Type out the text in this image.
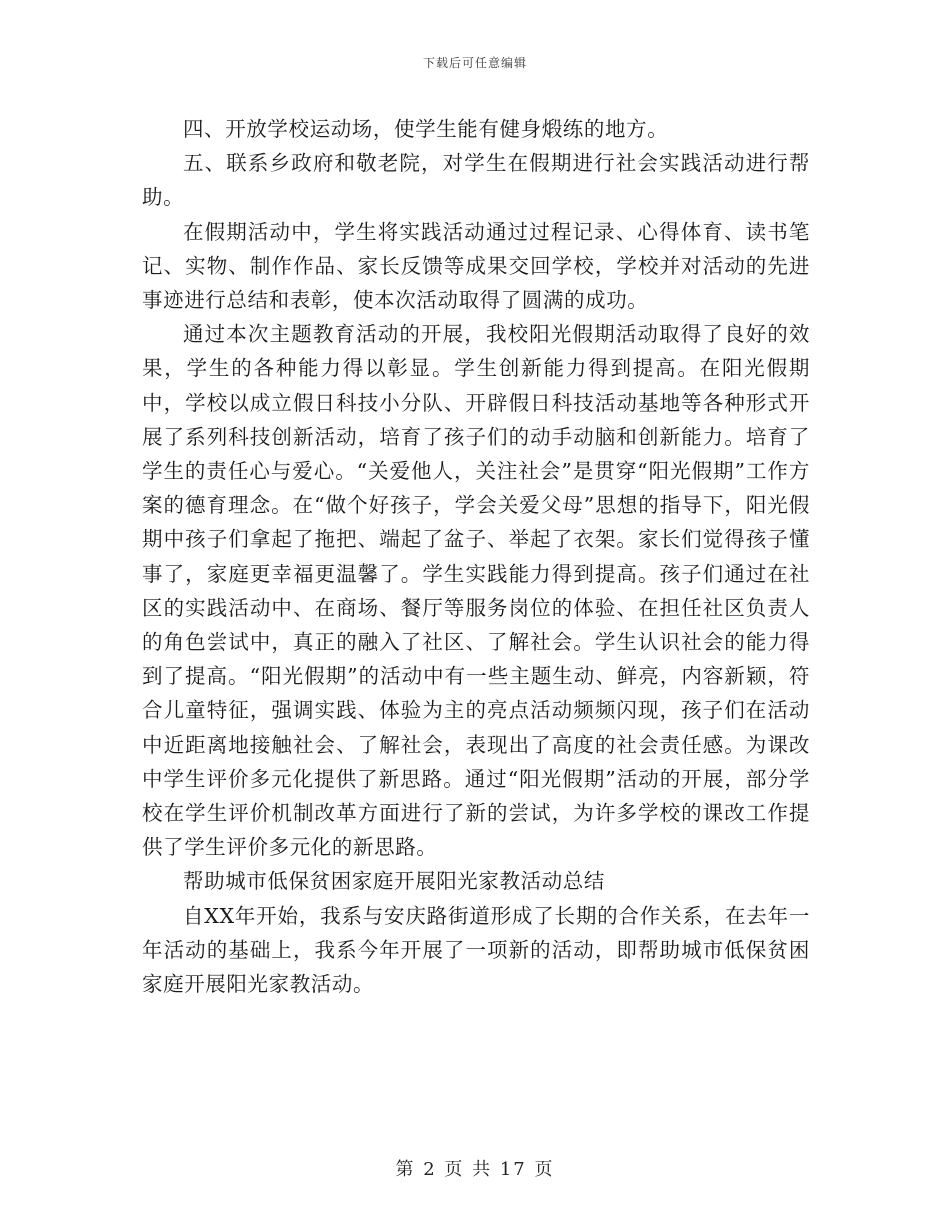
下载后可任意编辑

四、开放学校运动场，使学生能有健身煅练的地方。

五、联系乡政府和敬老院，对学生在假期进行社会实践活动进行帮助。

在假期活动中，学生将实践活动通过过程记录、心得体育、读书笔记、实物、制作作品、家长反馈等成果交回学校，学校并对活动的先进事迹进行总结和表彰，使本次活动取得了圆满的成功。

通过本次主题教育活动的开展，我校阳光假期活动取得了良好的效果，学生的各种能力得以彰显。学生创新能力得到提高。在阳光假期中，学校以成立假日科技小分队、开辟假日科技活动基地等各种形式开展了系列科技创新活动，培育了孩子们的动手动脑和创新能力。培育了学生的责任心与爱心。“关爱他人，关注社会”是贯穿“阳光假期”工作方案的德育理念。在“做个好孩子，学会关爱父母”思想的指导下，阳光假期中孩子们拿起了拖把、端起了盆子、举起了衣架。家长们觉得孩子懂事了，家庭更幸福更温馨了。学生实践能力得到提高。孩子们通过在社区的实践活动中、在商场、餐厅等服务岗位的体验、在担任社区负责人的角色尝试中，真正的融入了社区、了解社会。学生认识社会的能力得到了提高。“阳光假期”的活动中有一些主题生动、鲜亮，内容新颖，符合儿童特征，强调实践、体验为主的亮点活动频频闪现，孩子们在活动中近距离地接触社会、了解社会，表现出了高度的社会责任感。为课改中学生评价多元化提供了新思路。通过“阳光假期”活动的开展，部分学校在学生评价机制改革方面进行了新的尝试，为许多学校的课改工作提供了学生评价多元化的新思路。

帮助城市低保贫困家庭开展阳光家教活动总结

自XX年开始，我系与安庆路街道形成了长期的合作关系，在去年一年活动的基础上，我系今年开展了一项新的活动，即帮助城市低保贫困家庭开展阳光家教活动。

第 2 页 共 17 页
